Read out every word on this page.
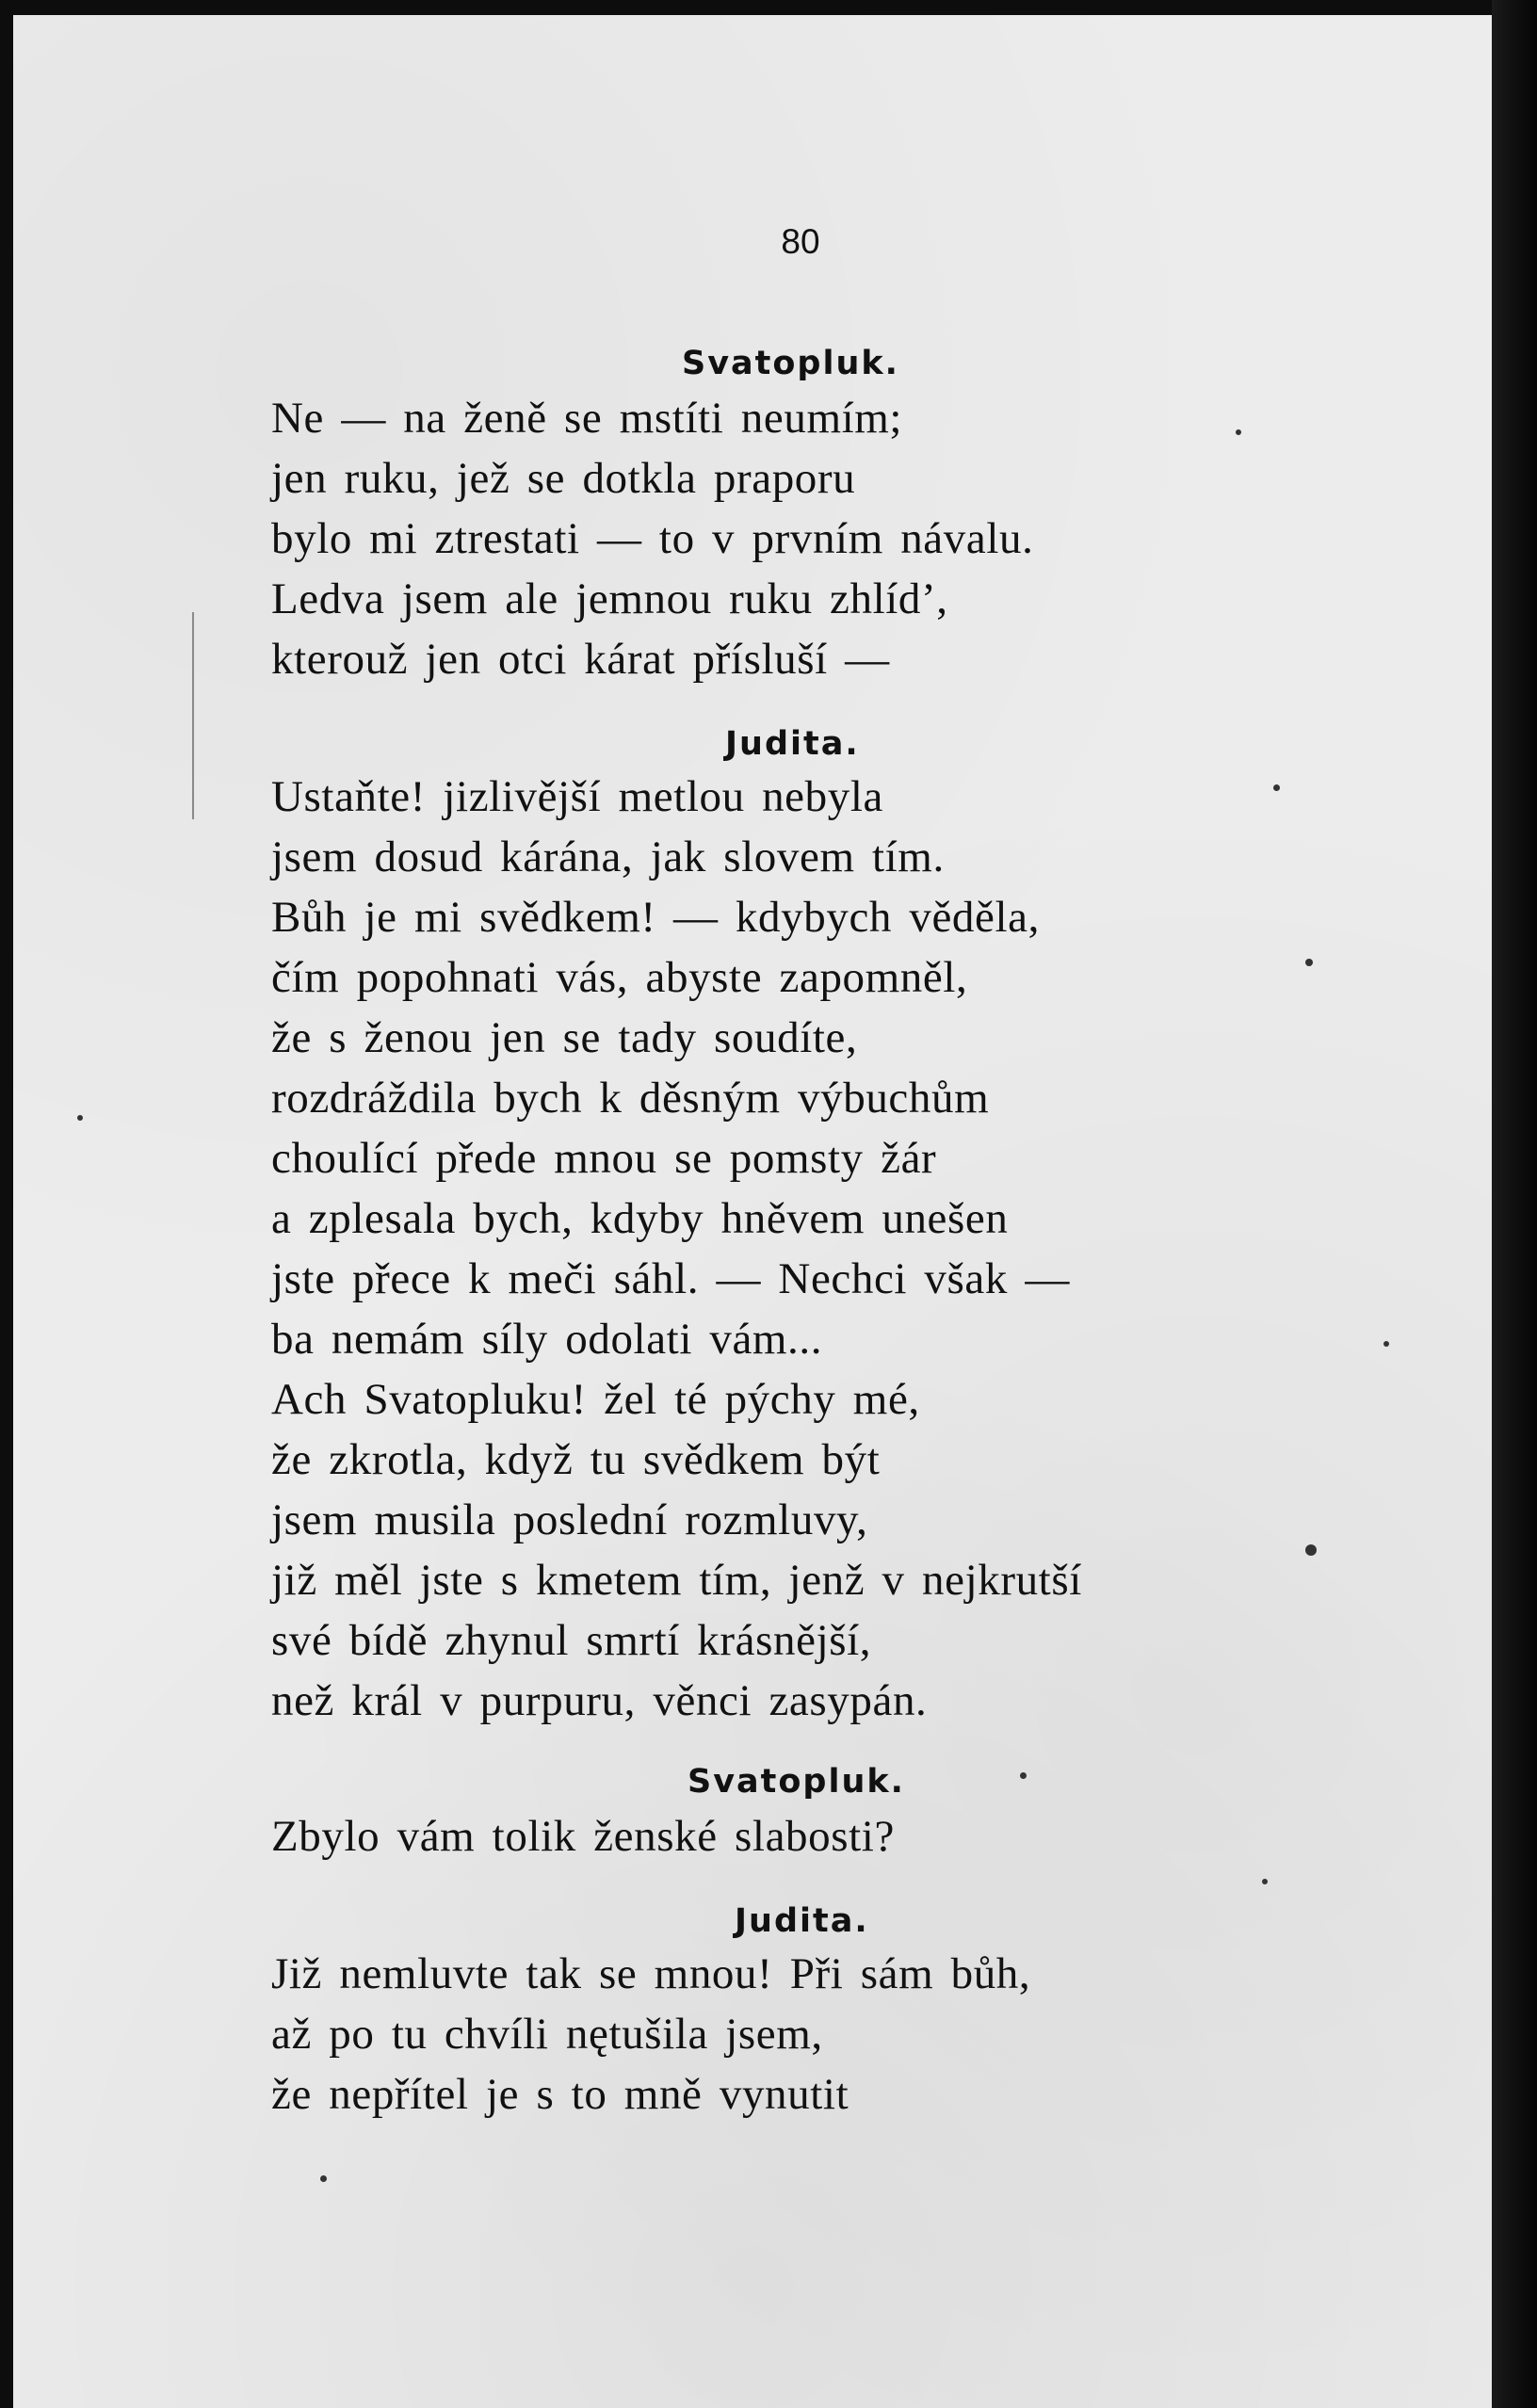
80
Svatopluk.
Ne — na ženě se mstíti neumím;
jen ruku, jež se dotkla praporu
bylo mi ztrestati — to v prvním návalu.
Ledva jsem ale jemnou ruku zhlíd’,
kterouž jen otci kárat přísluší —
Judita.
Ustaňte! jizlivější metlou nebyla
jsem dosud kárána, jak slovem tím.
Bůh je mi svědkem! — kdybych věděla,
čím popohnati vás, abyste zapomněl,
že s ženou jen se tady soudíte,
rozdráždila bych k děsným výbuchům
choulící přede mnou se pomsty žár
a zplesala bych, kdyby hněvem unešen
jste přece k meči sáhl. — Nechci však —
ba nemám síly odolati vám...
Ach Svatopluku! žel té pýchy mé,
že zkrotla, když tu svědkem být
jsem musila poslední rozmluvy,
již měl jste s kmetem tím, jenž v nejkrutší
své bídě zhynul smrtí krásnější,
než král v purpuru, věnci zasypán.
Svatopluk.
Zbylo vám tolik ženské slabosti?
Judita.
Již nemluvte tak se mnou! Při sám bůh,
až po tu chvíli nętušila jsem,
že nepřítel je s to mně vynutit
